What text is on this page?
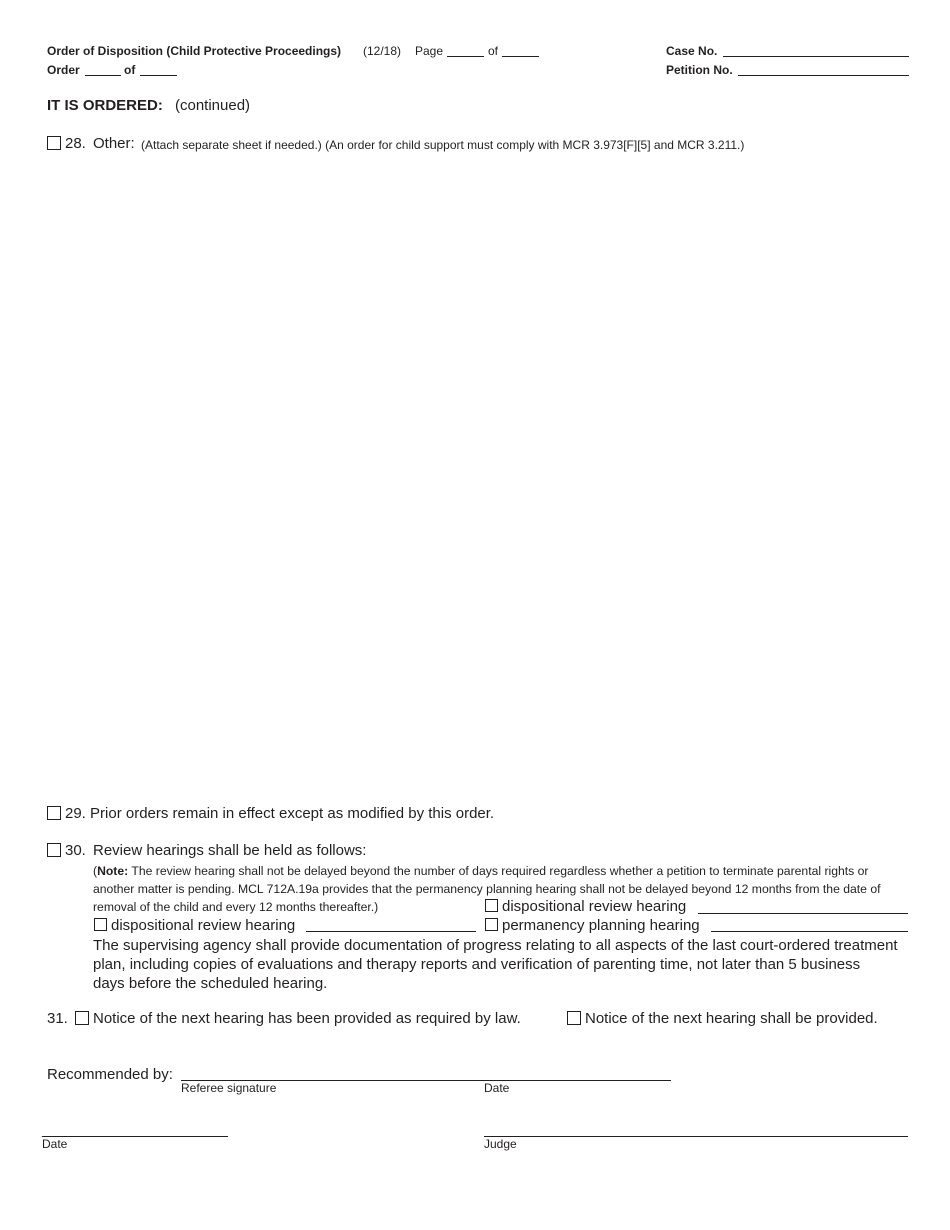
Order of Disposition (Child Protective Proceedings) (12/18) Page	of
Order	of
Case No.
Petition No.
IT IS ORDERED: (continued)
28. Other: (Attach separate sheet if needed.) (An order for child support must comply with MCR 3.973[F][5] and MCR 3.211.)
29. Prior orders remain in effect except as modified by this order.
30. Review hearings shall be held as follows:
(Note: The review hearing shall not be delayed beyond the number of days required regardless whether a petition to terminate parental rights or
another matter is pending. MCL 712A.19a provides that the permanency planning hearing shall not be delayed beyond 12 months from the date of
removal of the child and every 12 months thereafter.)	dispositional review hearing
dispositional review hearing	permanency planning hearing
The supervising agency shall provide documentation of progress relating to all aspects of the last court-ordered treatment
plan, including copies of evaluations and therapy reports and verification of parenting time, not later than 5 business
days before the scheduled hearing.
31. Notice of the next hearing has been provided as required by law.	Notice of the next hearing shall be provided.
Recommended by:
Referee signature	Date
Date	Judge
